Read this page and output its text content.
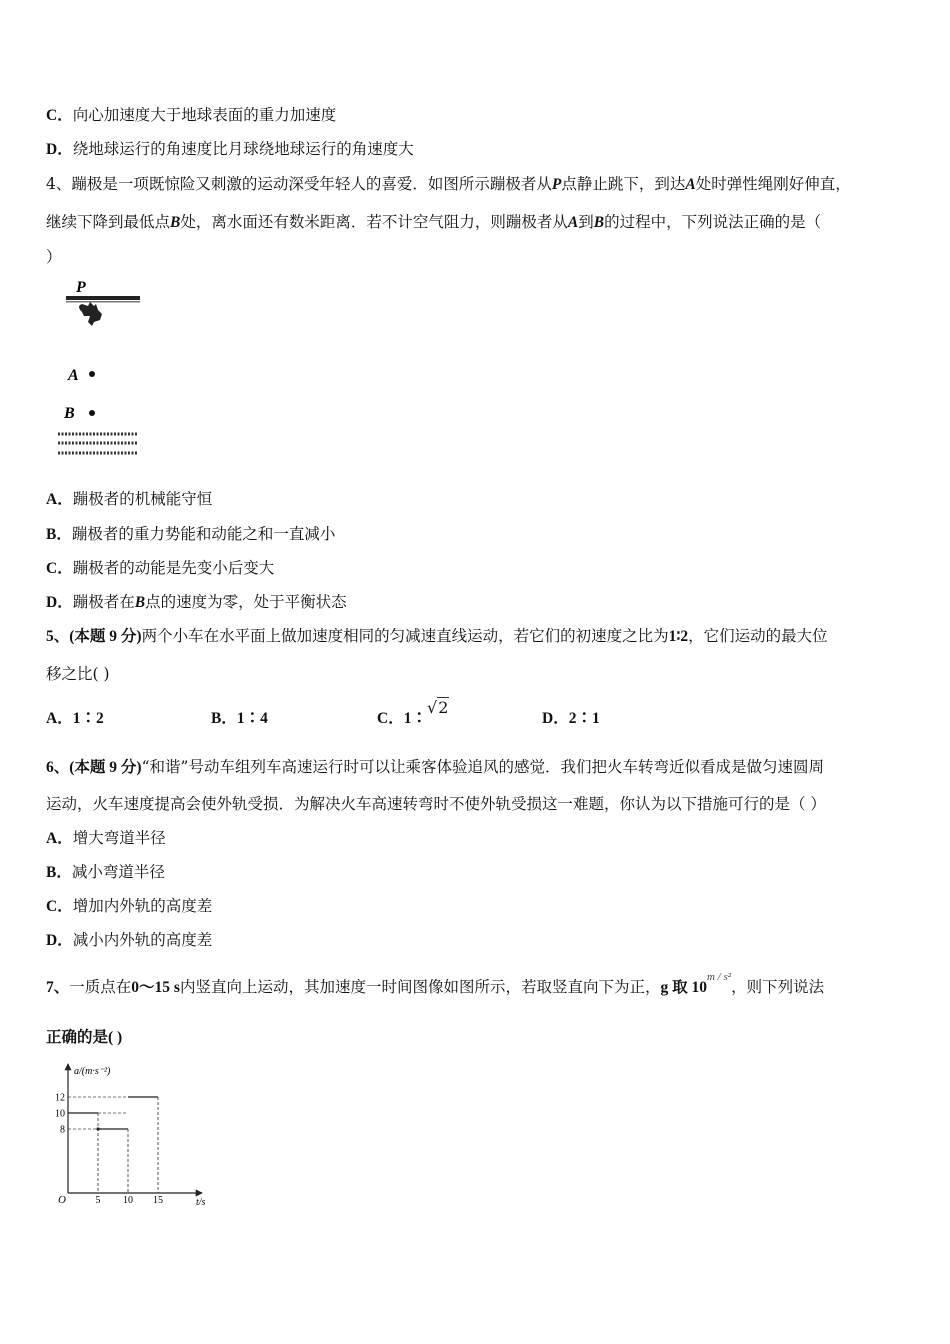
C．向心加速度大于地球表面的重力加速度
D．绕地球运行的角速度比月球绕地球运行的角速度大
4、蹦极是一项既惊险又刺激的运动深受年轻人的喜爱．如图所示蹦极者从P点静止跳下，到达A处时弹性绳刚好伸直，
继续下降到最低点B处，离水面还有数米距离．若不计空气阻力，则蹦极者从A到B的过程中，下列说法正确的是（
）
P
A
B
A．蹦极者的机械能守恒
B．蹦极者的重力势能和动能之和一直减小
C．蹦极者的动能是先变小后变大
D．蹦极者在B点的速度为零，处于平衡状态
5、(本题 9 分)两个小车在水平面上做加速度相同的匀减速直线运动，若它们的初速度之比为1∶2，它们运动的最大位
移之比( )
A．1∶2	B．1∶4	C．1∶√2
D．2∶1
6、(本题 9 分)“和谐”号动车组列车高速运行时可以让乘客体验追风的感觉．我们把火车转弯近似看成是做匀速圆周
运动，火车速度提高会使外轨受损．为解决火车高速转弯时不使外轨受损这一难题，你认为以下措施可行的是（ ）
A．增大弯道半径
B．减小弯道半径
C．增加内外轨的高度差
D．减小内外轨的高度差
7、一质点在0～15 s内竖直向上运动，其加速度一时间图像如图所示，若取竖直向下为正，g 取 $10^{m / s^2}$，则下列说法
正确的是( )
a/(m·s⁻²)
t/s
O	5 10 15
8
10
12
